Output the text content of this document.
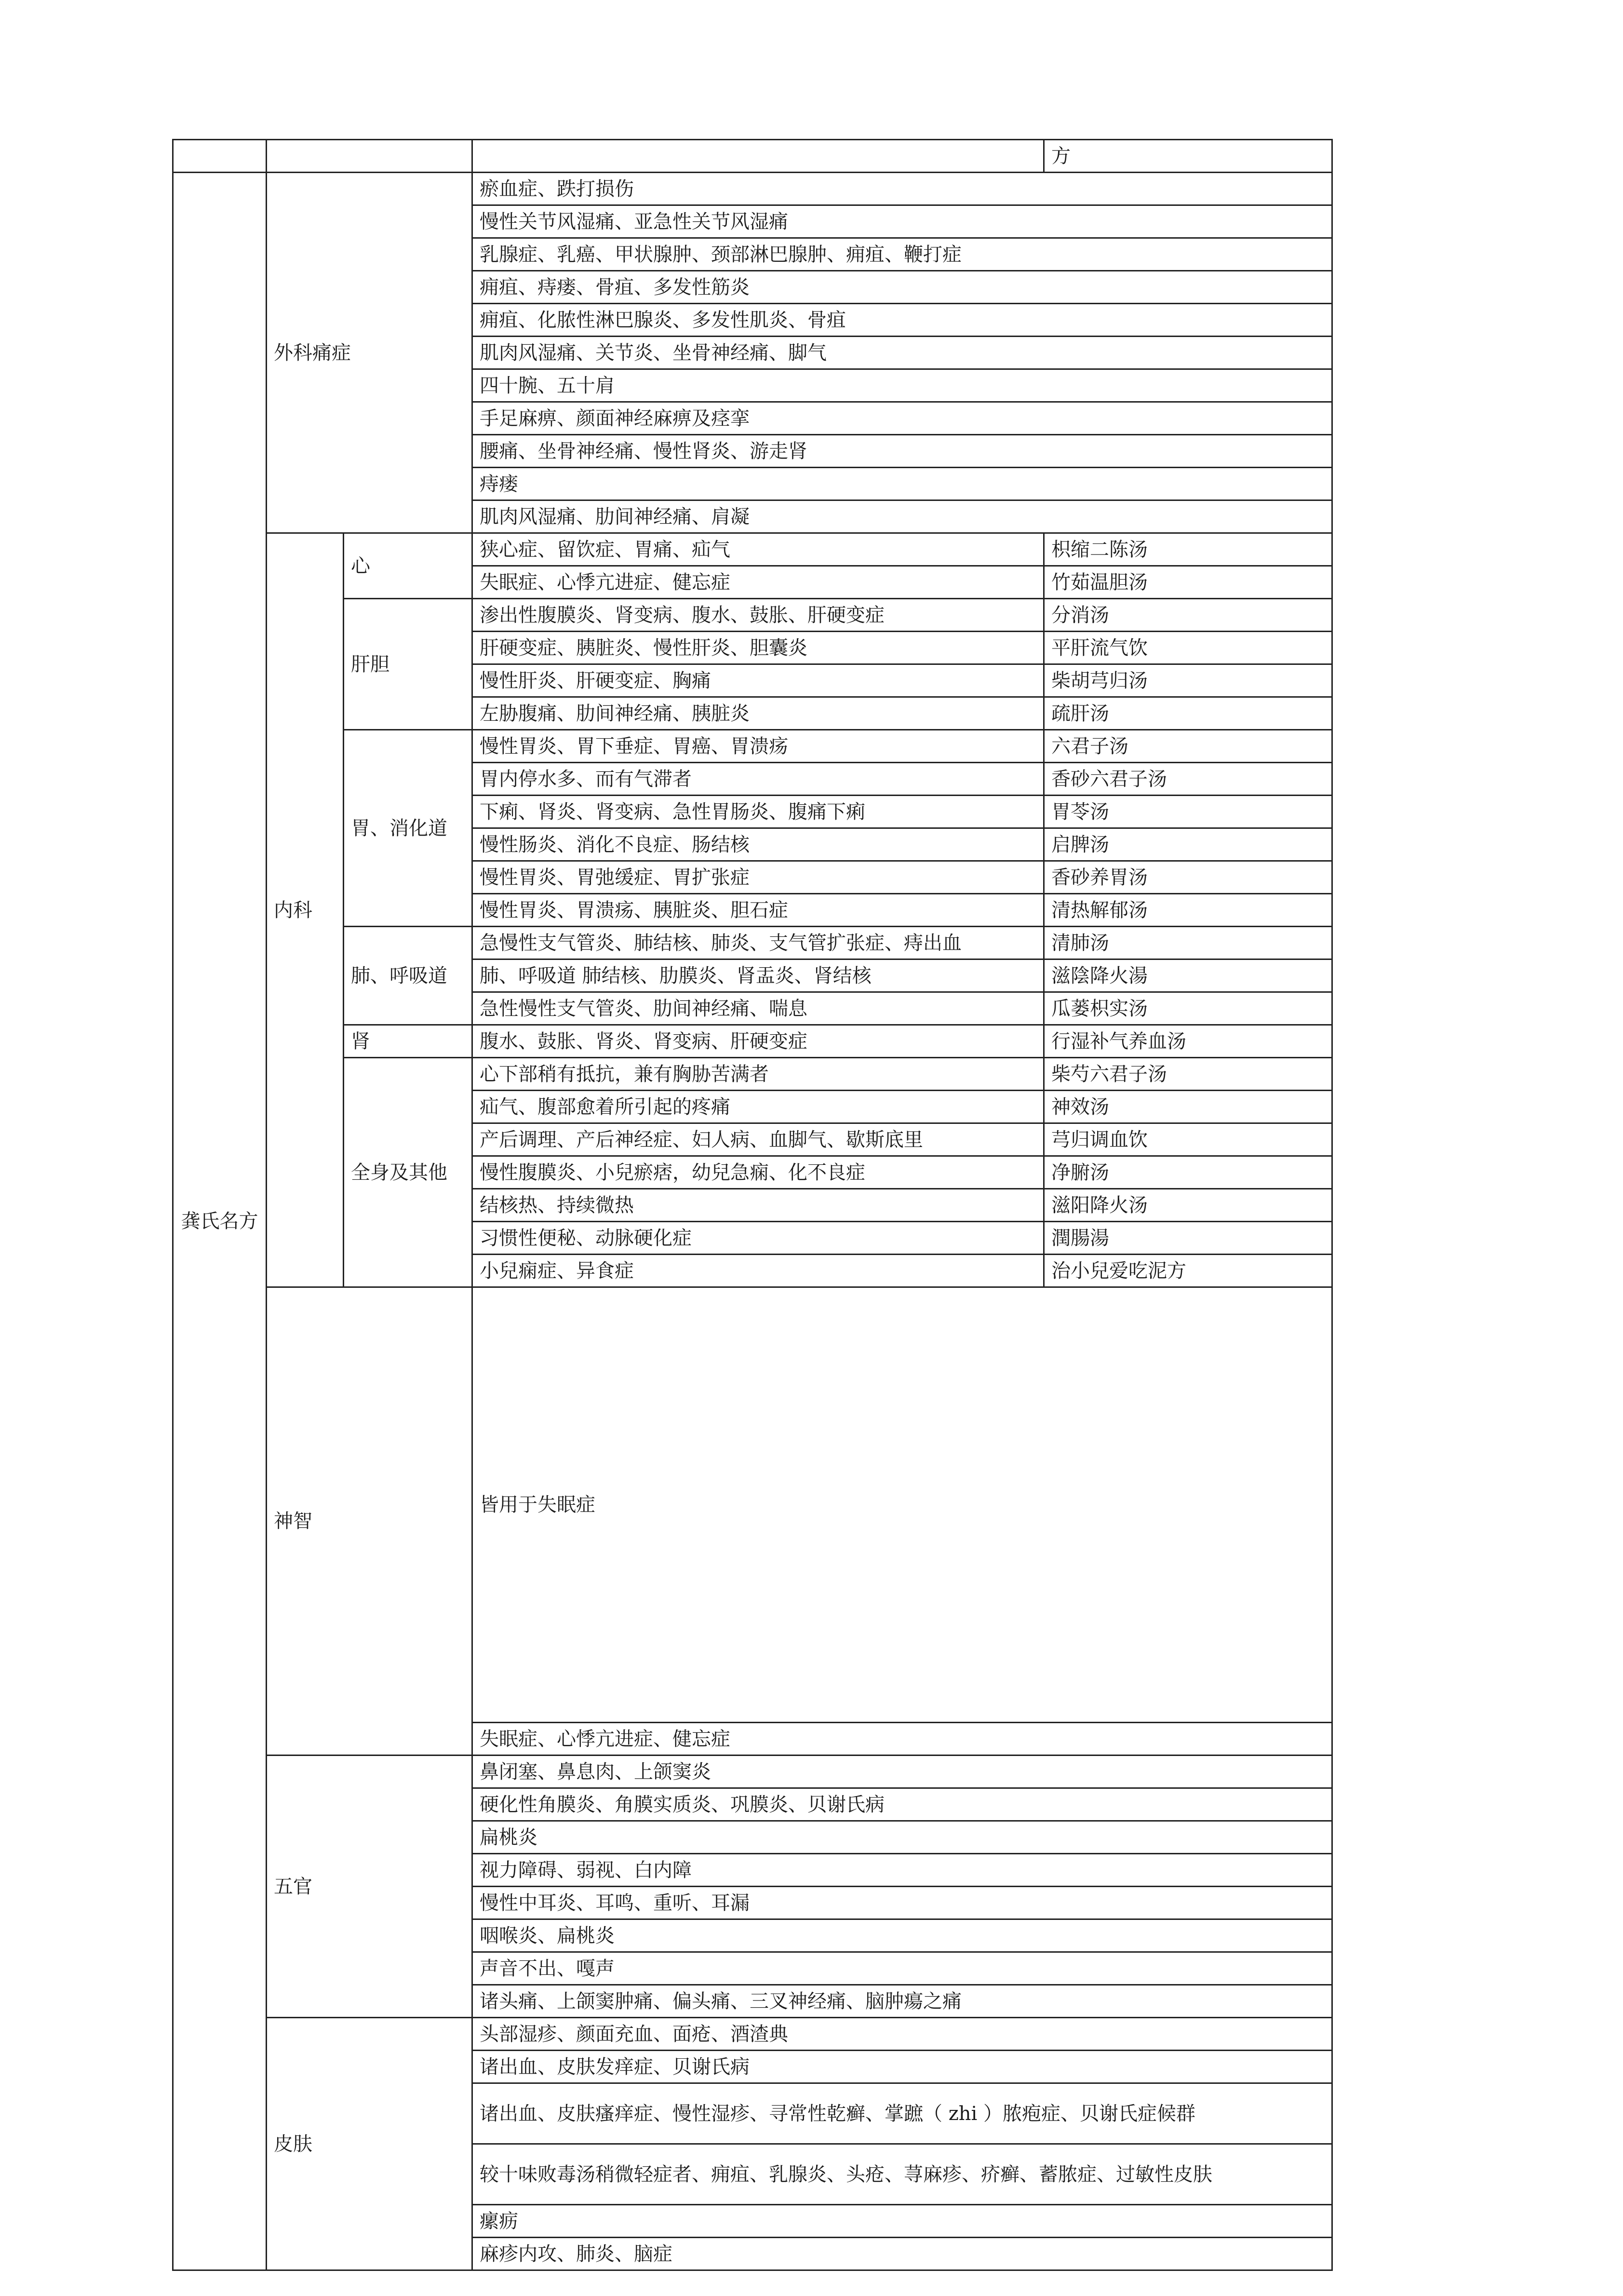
				方	
龚氏名方	外科痛症		瘀血症、跌打损伤	
			慢性关节风湿痛、亚急性关节风湿痛	
			乳腺症、乳癌、甲状腺肿、颈部淋巴腺肿、痈疽、鞭打症	
			痈疽、痔瘘、骨疽、多发性筋炎	
			痈疽、化脓性淋巴腺炎、多发性肌炎、骨疽	
			肌肉风湿痛、关节炎、坐骨神经痛、脚气	
			四十腕、五十肩	
			手足麻痹、颜面神经麻痹及痉挛	
			腰痛、坐骨神经痛、慢性肾炎、游走肾	
			痔瘘	
			肌肉风湿痛、肋间神经痛、肩凝	
	内科	心	狭心症、留饮症、胃痛、疝气	枳缩二陈汤	
			失眠症、心悸亢进症、健忘症	竹茹温胆汤	
		肝胆	渗出性腹膜炎、肾变病、腹水、鼓胀、肝硬变症	分消汤	
			肝硬变症、胰脏炎、慢性肝炎、胆囊炎	平肝流气饮	
			慢性肝炎、肝硬变症、胸痛	柴胡芎归汤	
			左胁腹痛、肋间神经痛、胰脏炎	疏肝汤	
		胃、消化道	慢性胃炎、胃下垂症、胃癌、胃溃疡	六君子汤	
			胃内停水多、而有气滞者	香砂六君子汤	
			下痢、肾炎、肾变病、急性胃肠炎、腹痛下痢	胃苓汤	
			慢性肠炎、消化不良症、肠结核	启脾汤	
			慢性胃炎、胃弛缓症、胃扩张症	香砂养胃汤	
			慢性胃炎、胃溃疡、胰脏炎、胆石症	清热解郁汤	
		肺、呼吸道	急慢性支气管炎、肺结核、肺炎、支气管扩张症、痔出血	清肺汤	
			肺、呼吸道 肺结核、肋膜炎、肾盂炎、肾结核	滋陰降火湯	
			急性慢性支气管炎、肋间神经痛、喘息	瓜蒌枳实汤	
		肾	腹水、鼓胀、肾炎、肾变病、肝硬变症	行湿补气养血汤	
		全身及其他	心下部稍有抵抗，兼有胸胁苦满者	柴芍六君子汤	
			疝气、腹部愈着所引起的疼痛	神效汤	
			产后调理、产后神经症、妇人病、血脚气、歇斯底里	芎归调血饮	
			慢性腹膜炎、小兒瘀痞，幼兒急痫、化不良症	净腑汤	
			结核热、持续微热	滋阳降火汤	
			习惯性便秘、动脉硬化症	潤腸湯	
			小兒痫症、异食症	治小兒爱吃泥方	
	神智		皆用于失眠症	
			失眠症、心悸亢进症、健忘症	
	五官		鼻闭塞、鼻息肉、上颌窦炎	
			硬化性角膜炎、角膜实质炎、巩膜炎、贝谢氏病	
			扁桃炎	
			视力障碍、弱视、白内障	
			慢性中耳炎、耳鸣、重听、耳漏	
			咽喉炎、扁桃炎	
			声音不出、嘎声	
			诸头痛、上颌窦肿痛、偏头痛、三叉神经痛、脑肿瘍之痛	
	皮肤		头部湿疹、颜面充血、面疮、酒渣典	
			诸出血、皮肤发痒症、贝谢氏病	
			诸出血、皮肤瘙痒症、慢性湿疹、寻常性乾癣、掌蹠（ zhi ）脓疱症、贝谢氏症候群	
			较十味败毒汤稍微轻症者、痈疽、乳腺炎、头疮、荨麻疹、疥癣、蓄脓症、过敏性皮肤	
			瘰疬	
			麻疹内攻、肺炎、脑症	
